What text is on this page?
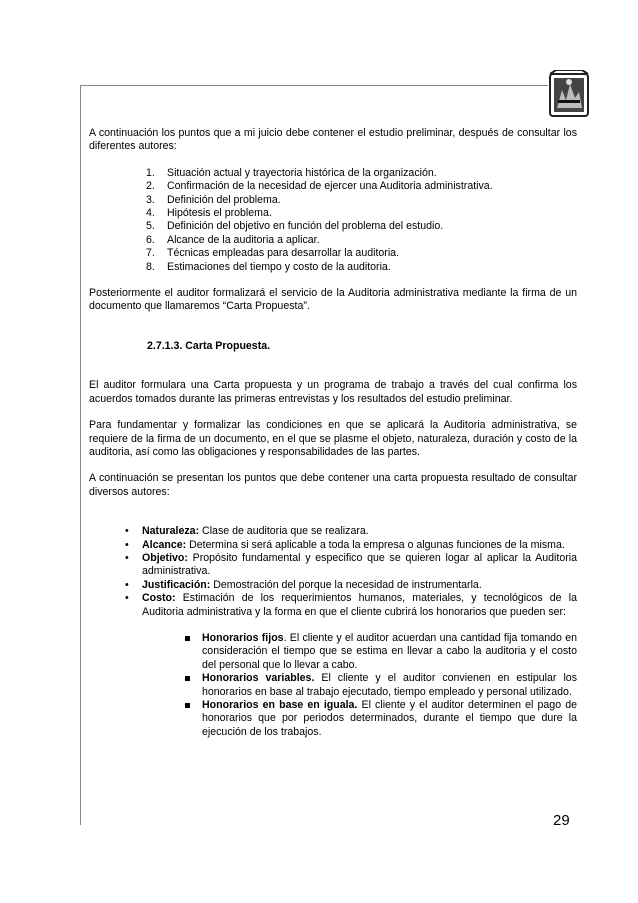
A continuación los puntos que a mi juicio debe contener el estudio preliminar, después de consultar los diferentes autores:

1. Situación actual y trayectoria histórica de la organización.
2. Confirmación de la necesidad de ejercer una Auditoria administrativa.
3. Definición del problema.
4. Hipótesis el problema.
5. Definición del objetivo en función del problema del estudio.
6. Alcance de la auditoria a aplicar.
7. Técnicas empleadas para desarrollar la auditoria.
8. Estimaciones del tiempo y costo de la auditoria.

Posteriormente el auditor formalizará el servicio de la Auditoria administrativa mediante la firma de un documento que llamaremos “Carta Propuesta”.

2.7.1.3. Carta Propuesta.

El auditor formulara una Carta propuesta y un programa de trabajo a través del cual confirma los acuerdos tomados durante las primeras entrevistas y los resultados del estudio preliminar.

Para fundamentar y formalizar las condiciones en que se aplicará la Auditoria administrativa, se requiere de la firma de un documento, en el que se plasme el objeto, naturaleza, duración y costo de la auditoria, así como las obligaciones y responsabilidades de las partes.

A continuación se presentan los puntos que debe contener una carta propuesta resultado de consultar diversos autores:

• Naturaleza: Clase de auditoria que se realizara.
• Alcance: Determina si será aplicable a toda la empresa o algunas funciones de la misma.
• Objetivo: Propósito fundamental y especifico que se quieren logar al aplicar la Auditoria administrativa.
• Justificación: Demostración del porque la necesidad de instrumentarla.
• Costo: Estimación de los requerimientos humanos, materiales, y tecnológicos de la Auditoria administrativa y la forma en que el cliente cubrirá los honorarios que pueden ser:
Honorarios fijos. El cliente y el auditor acuerdan una cantidad fija tomando en consideración el tiempo que se estima en llevar a cabo la auditoria y el costo del personal que lo llevar a cabo.
Honorarios variables. El cliente y el auditor convienen en estipular los honorarios en base al trabajo ejecutado, tiempo empleado y personal utilizado.
Honorarios en base en iguala. El cliente y el auditor determinen el pago de honorarios que por periodos determinados, durante el tiempo que dure la ejecución de los trabajos.
29
